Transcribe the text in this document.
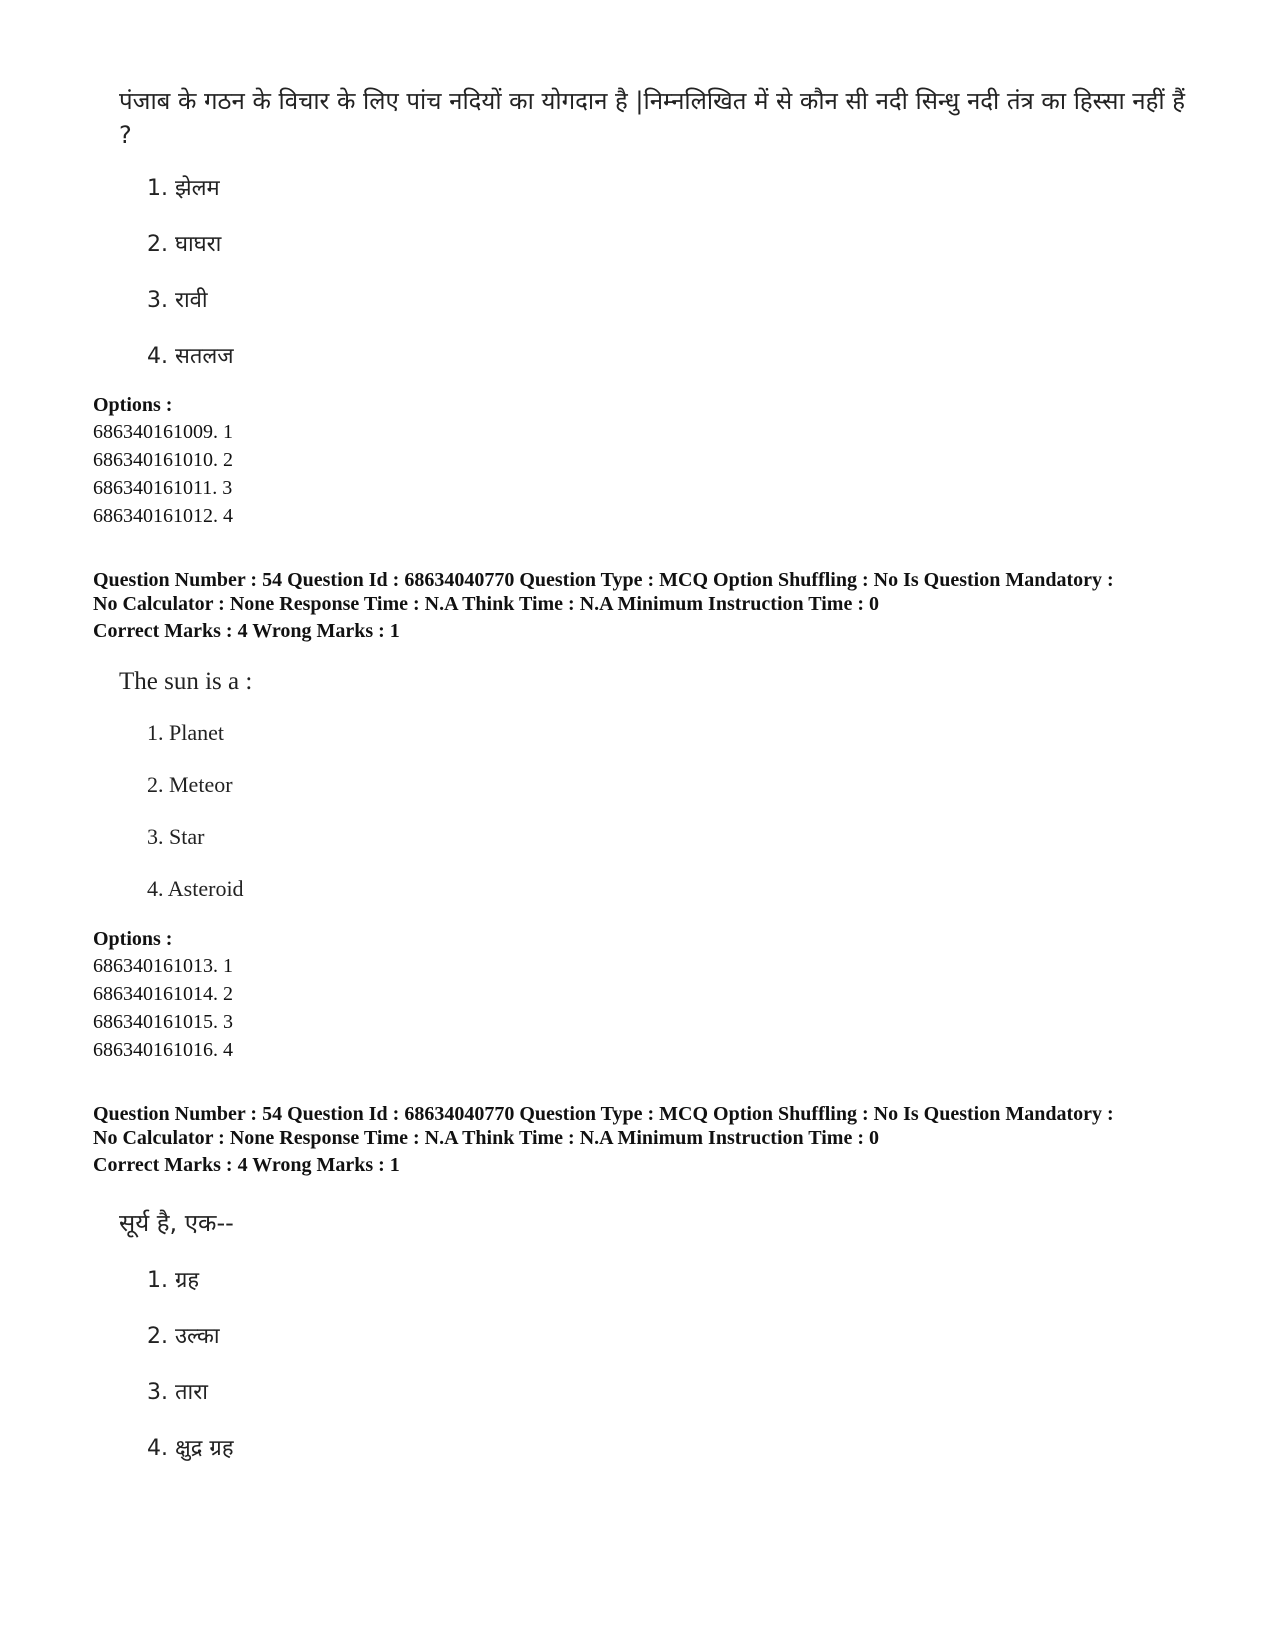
पंजाब के गठन के विचार के लिए पांच नदियों का योगदान है |निम्नलिखित में से कौन सी नदी सिन्धु नदी तंत्र का हिस्सा नहीं हैं ?
1. झेलम
2. घाघरा
3. रावी
4. सतलज
Options :
686340161009. 1
686340161010. 2
686340161011. 3
686340161012. 4
Question Number : 54 Question Id : 68634040770 Question Type : MCQ Option Shuffling : No Is Question Mandatory :
No Calculator : None Response Time : N.A Think Time : N.A Minimum Instruction Time : 0
Correct Marks : 4 Wrong Marks : 1
The sun is a :
1. Planet
2. Meteor
3. Star
4. Asteroid
Options :
686340161013. 1
686340161014. 2
686340161015. 3
686340161016. 4
Question Number : 54 Question Id : 68634040770 Question Type : MCQ Option Shuffling : No Is Question Mandatory :
No Calculator : None Response Time : N.A Think Time : N.A Minimum Instruction Time : 0
Correct Marks : 4 Wrong Marks : 1
सूर्य है, एक--
1. ग्रह
2. उल्का
3. तारा
4. क्षुद्र ग्रह
